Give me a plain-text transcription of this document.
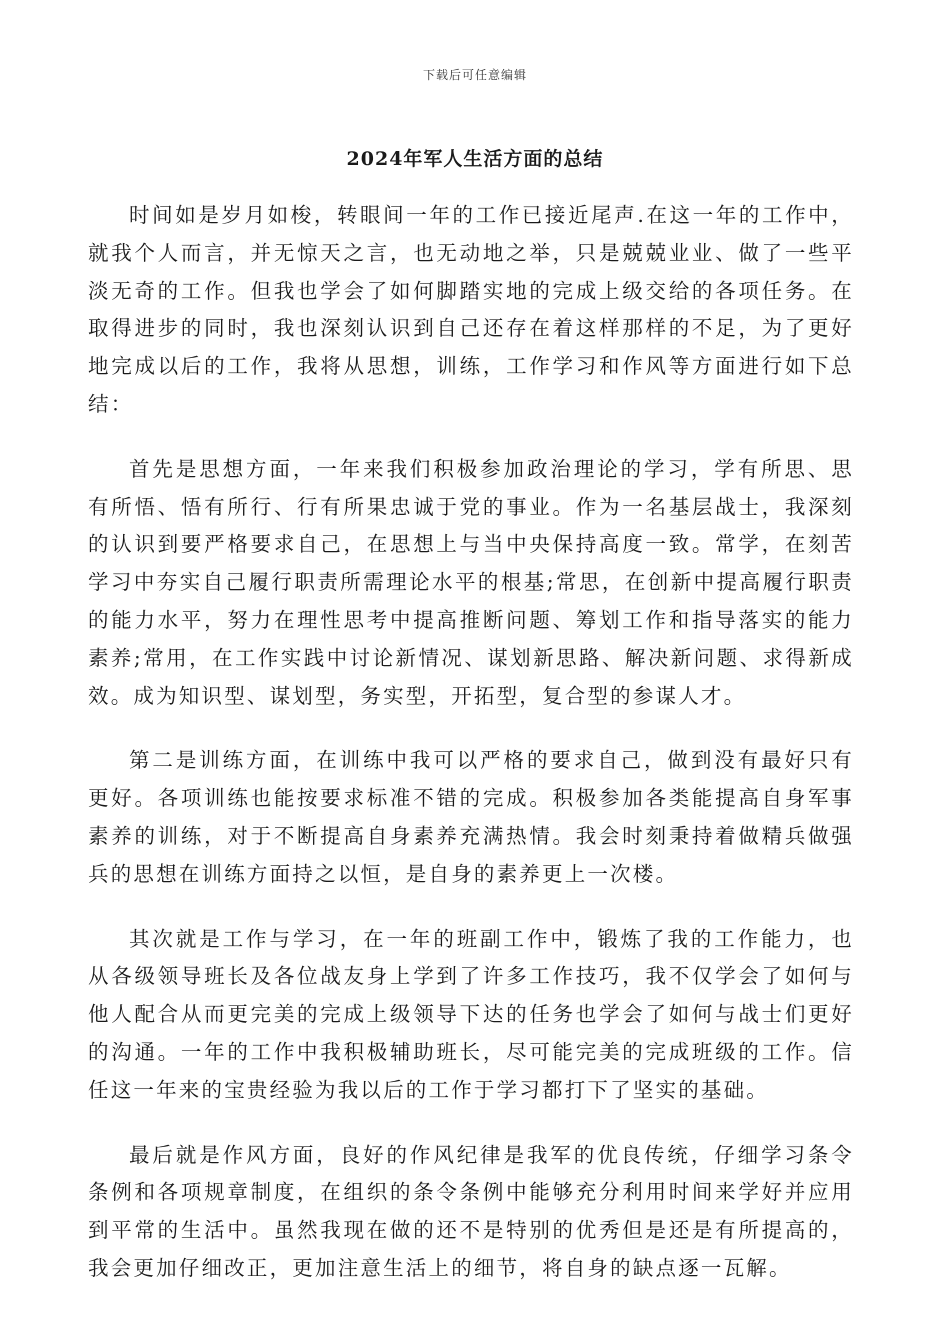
下载后可任意编辑
2024年军人生活方面的总结

时间如是岁月如梭，转眼间一年的工作已接近尾声.在这一年的工作中，就我个人而言，并无惊天之言，也无动地之举，只是兢兢业业、做了一些平淡无奇的工作。但我也学会了如何脚踏实地的完成上级交给的各项任务。在取得进步的同时，我也深刻认识到自己还存在着这样那样的不足，为了更好地完成以后的工作，我将从思想，训练，工作学习和作风等方面进行如下总结：

首先是思想方面，一年来我们积极参加政治理论的学习，学有所思、思有所悟、悟有所行、行有所果忠诚于党的事业。作为一名基层战士，我深刻的认识到要严格要求自己，在思想上与当中央保持高度一致。常学，在刻苦学习中夯实自己履行职责所需理论水平的根基;常思，在创新中提高履行职责的能力水平，努力在理性思考中提高推断问题、筹划工作和指导落实的能力素养;常用，在工作实践中讨论新情况、谋划新思路、解决新问题、求得新成效。成为知识型、谋划型，务实型，开拓型，复合型的参谋人才。

第二是训练方面，在训练中我可以严格的要求自己，做到没有最好只有更好。各项训练也能按要求标准不错的完成。积极参加各类能提高自身军事素养的训练，对于不断提高自身素养充满热情。我会时刻秉持着做精兵做强兵的思想在训练方面持之以恒，是自身的素养更上一次楼。

其次就是工作与学习，在一年的班副工作中，锻炼了我的工作能力，也从各级领导班长及各位战友身上学到了许多工作技巧，我不仅学会了如何与他人配合从而更完美的完成上级领导下达的任务也学会了如何与战士们更好的沟通。一年的工作中我积极辅助班长，尽可能完美的完成班级的工作。信任这一年来的宝贵经验为我以后的工作于学习都打下了坚实的基础。

最后就是作风方面，良好的作风纪律是我军的优良传统，仔细学习条令条例和各项规章制度，在组织的条令条例中能够充分利用时间来学好并应用到平常的生活中。虽然我现在做的还不是特别的优秀但是还是有所提高的，我会更加仔细改正，更加注意生活上的细节，将自身的缺点逐一瓦解。
